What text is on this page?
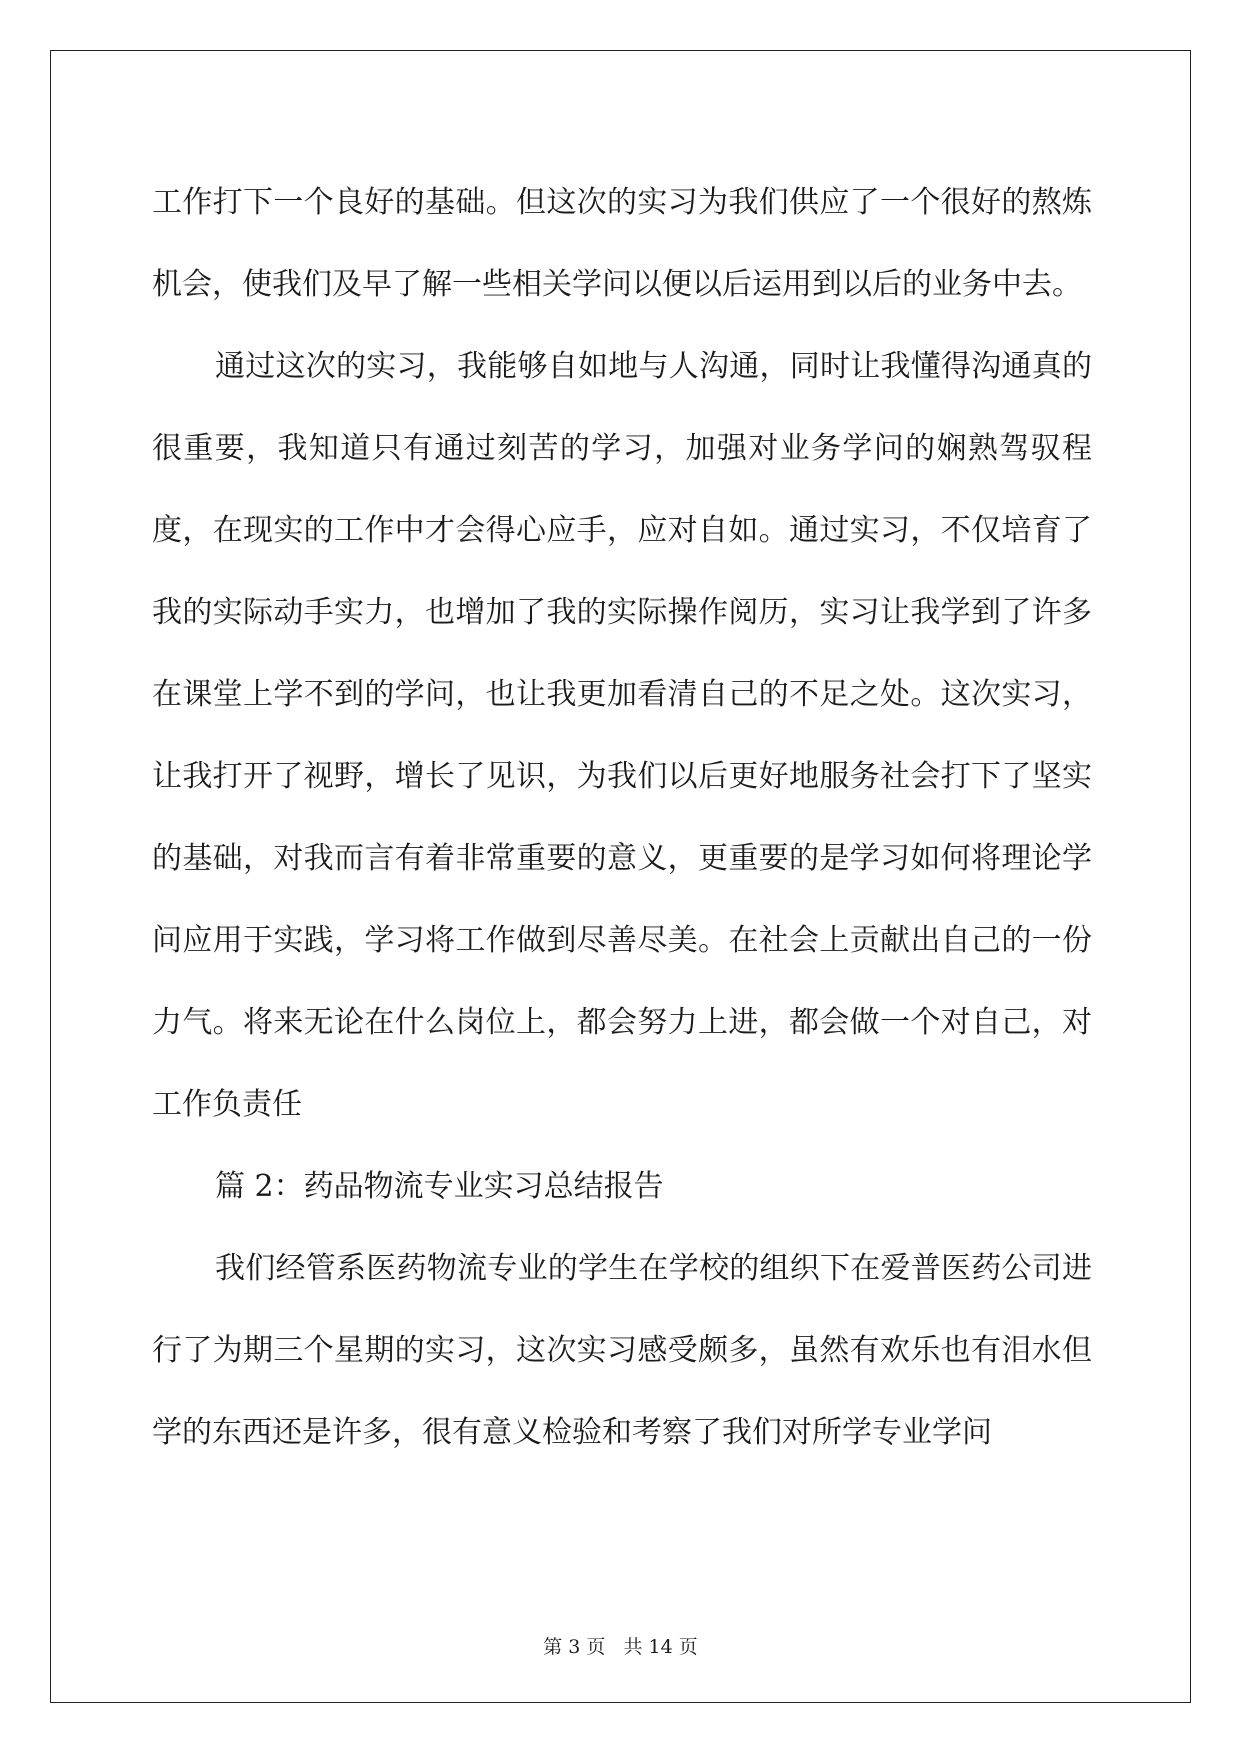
工作打下一个良好的基础。但这次的实习为我们供应了一个很好的熬炼机会，使我们及早了解一些相关学问以便以后运用到以后的业务中去。

通过这次的实习，我能够自如地与人沟通，同时让我懂得沟通真的很重要，我知道只有通过刻苦的学习，加强对业务学问的娴熟驾驭程度，在现实的工作中才会得心应手，应对自如。通过实习，不仅培育了我的实际动手实力，也增加了我的实际操作阅历，实习让我学到了许多在课堂上学不到的学问，也让我更加看清自己的不足之处。这次实习，让我打开了视野，增长了见识，为我们以后更好地服务社会打下了坚实的基础，对我而言有着非常重要的意义，更重要的是学习如何将理论学问应用于实践，学习将工作做到尽善尽美。在社会上贡献出自己的一份力气。将来无论在什么岗位上，都会努力上进，都会做一个对自己，对工作负责任

篇 2：药品物流专业实习总结报告

我们经管系医药物流专业的学生在学校的组织下在爱普医药公司进行了为期三个星期的实习，这次实习感受颇多，虽然有欢乐也有泪水但学的东西还是许多，很有意义检验和考察了我们对所学专业学问

第 3 页 共 14 页
